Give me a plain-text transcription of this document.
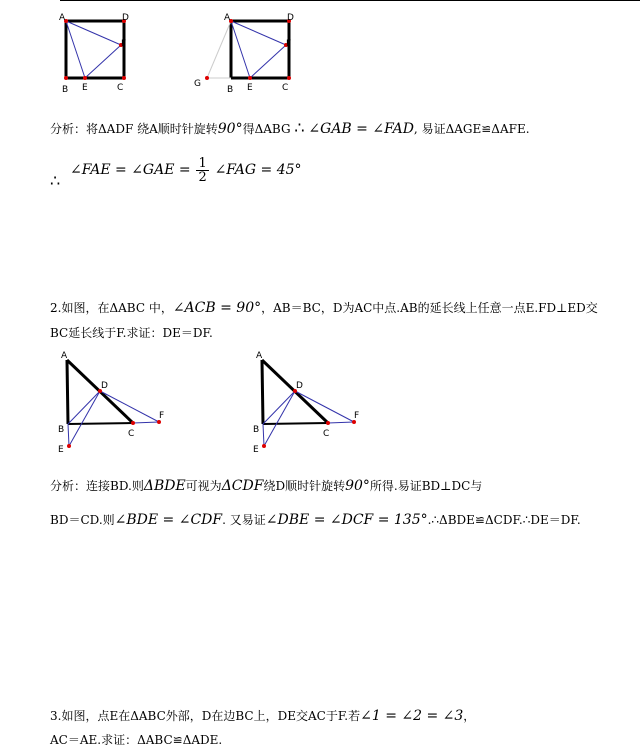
A	D
F
B E	C
A	D
F
G
B E	C
分析：将ΔADF 绕A顺时针旋转90°得ΔABG ∴ ∠GAB = ∠FAD, 易证ΔAGE≌ΔAFE.
∴
∠FAE = ∠GAE = $\frac{1}{2}$ ∠FAG = 45°
2.如图，在ΔABC 中，∠ACB = 90°，AB＝BC，D为AC中点.AB的延长线上任意一点E.FD⊥ED交
BC延长线于F.求证：DE＝DF.
A
D
F
B	C
E
A
D
F
B	C
E
分析：连接BD.则ΔBDE可视为ΔCDF绕D顺时针旋转90°所得.易证BD⊥DC与
BD＝CD.则∠BDE = ∠CDF. 又易证∠DBE = ∠DCF = 135°.∴ΔBDE≌ΔCDF.∴DE＝DF.
3.如图，点E在ΔABC外部，D在边BC上，DE交AC于F.若∠1 = ∠2 = ∠3，
AC＝AE.求证：ΔABC≌ΔADE.
